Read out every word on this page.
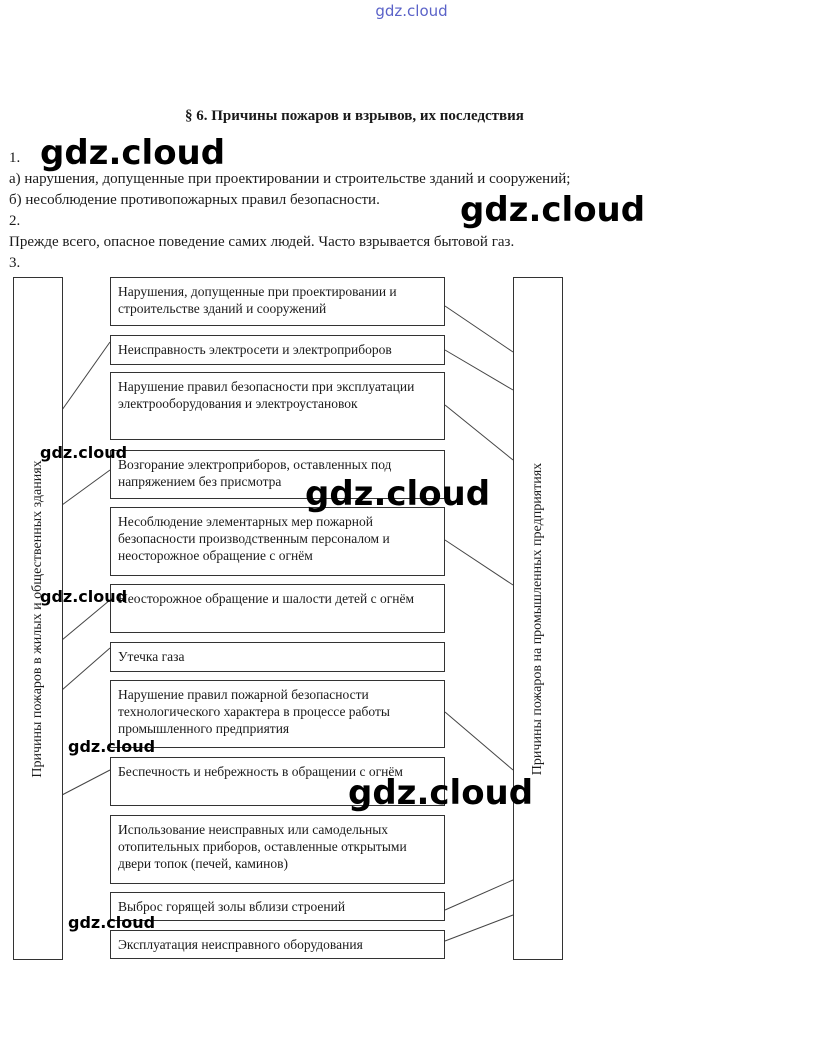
gdz.cloud
§ 6. Причины пожаров и взрывов, их последствия
1.
а) нарушения, допущенные при проектировании и строительстве зданий и сооружений;
б) несоблюдение противопожарных правил безопасности.
2.
Прежде всего, опасное поведение самих людей. Часто взрывается бытовой газ.
3.
Причины пожаров в жилых и общественных зданиях	Причины пожаров на промышленных предприятиях
Нарушения, допущенные при проектировании и строительстве зданий и сооружений
Неисправность электросети и электроприборов
Нарушение правил безопасности при эксплуатации электрооборудования и электроустановок
Возгорание электроприборов, оставленных под напряжением без присмотра
Несоблюдение элементарных мер пожарной безопасности производственным персоналом и неосторожное обращение с огнём
Неосторожное обращение и шалости детей с огнём
Утечка газа
Нарушение правил пожарной безопасности технологического характера в процессе работы промышленного предприятия
Беспечность и небрежность в обращении с огнём
Использование неисправных или самодельных отопительных приборов, оставленные открытыми двери топок (печей, каминов)
Выброс горящей золы вблизи строений
Эксплуатация неисправного оборудования
gdz.cloud
gdz.cloud
gdz.cloud
gdz.cloud
gdz.cloud
gdz.cloud
gdz.cloud
gdz.cloud
